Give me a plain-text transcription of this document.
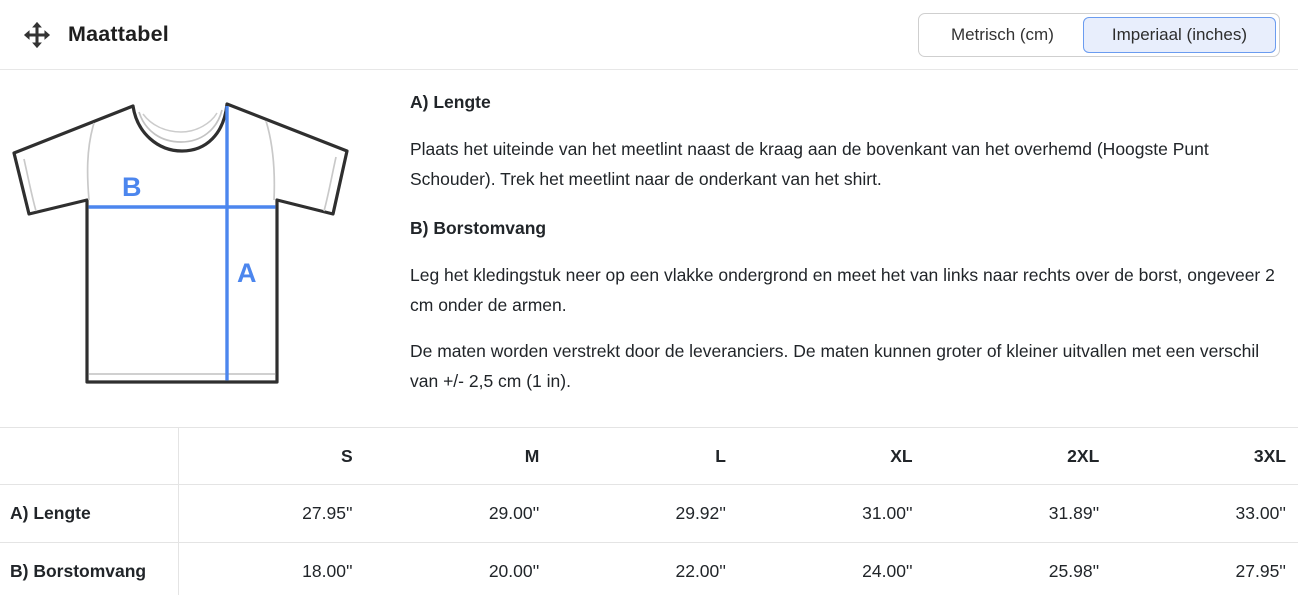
Maattabel	Metrisch (cm)	Imperiaal (inches)
B
A
A) Lengte

Plaats het uiteinde van het meetlint naast de kraag aan de bovenkant van het overhemd (Hoogste Punt Schouder). Trek het meetlint naar de onderkant van het shirt.

B) Borstomvang

Leg het kledingstuk neer op een vlakke ondergrond en meet het van links naar rechts over de borst, ongeveer 2 cm onder de armen.

De maten worden verstrekt door de leveranciers. De maten kunnen groter of kleiner uitvallen met een verschil van +/- 2,5 cm (1 in).

	S	M	L	XL	2XL	3XL
A) Lengte	27.95''	29.00''	29.92''	31.00''	31.89''	33.00''
B) Borstomvang	18.00''	20.00''	22.00''	24.00''	25.98''	27.95''
